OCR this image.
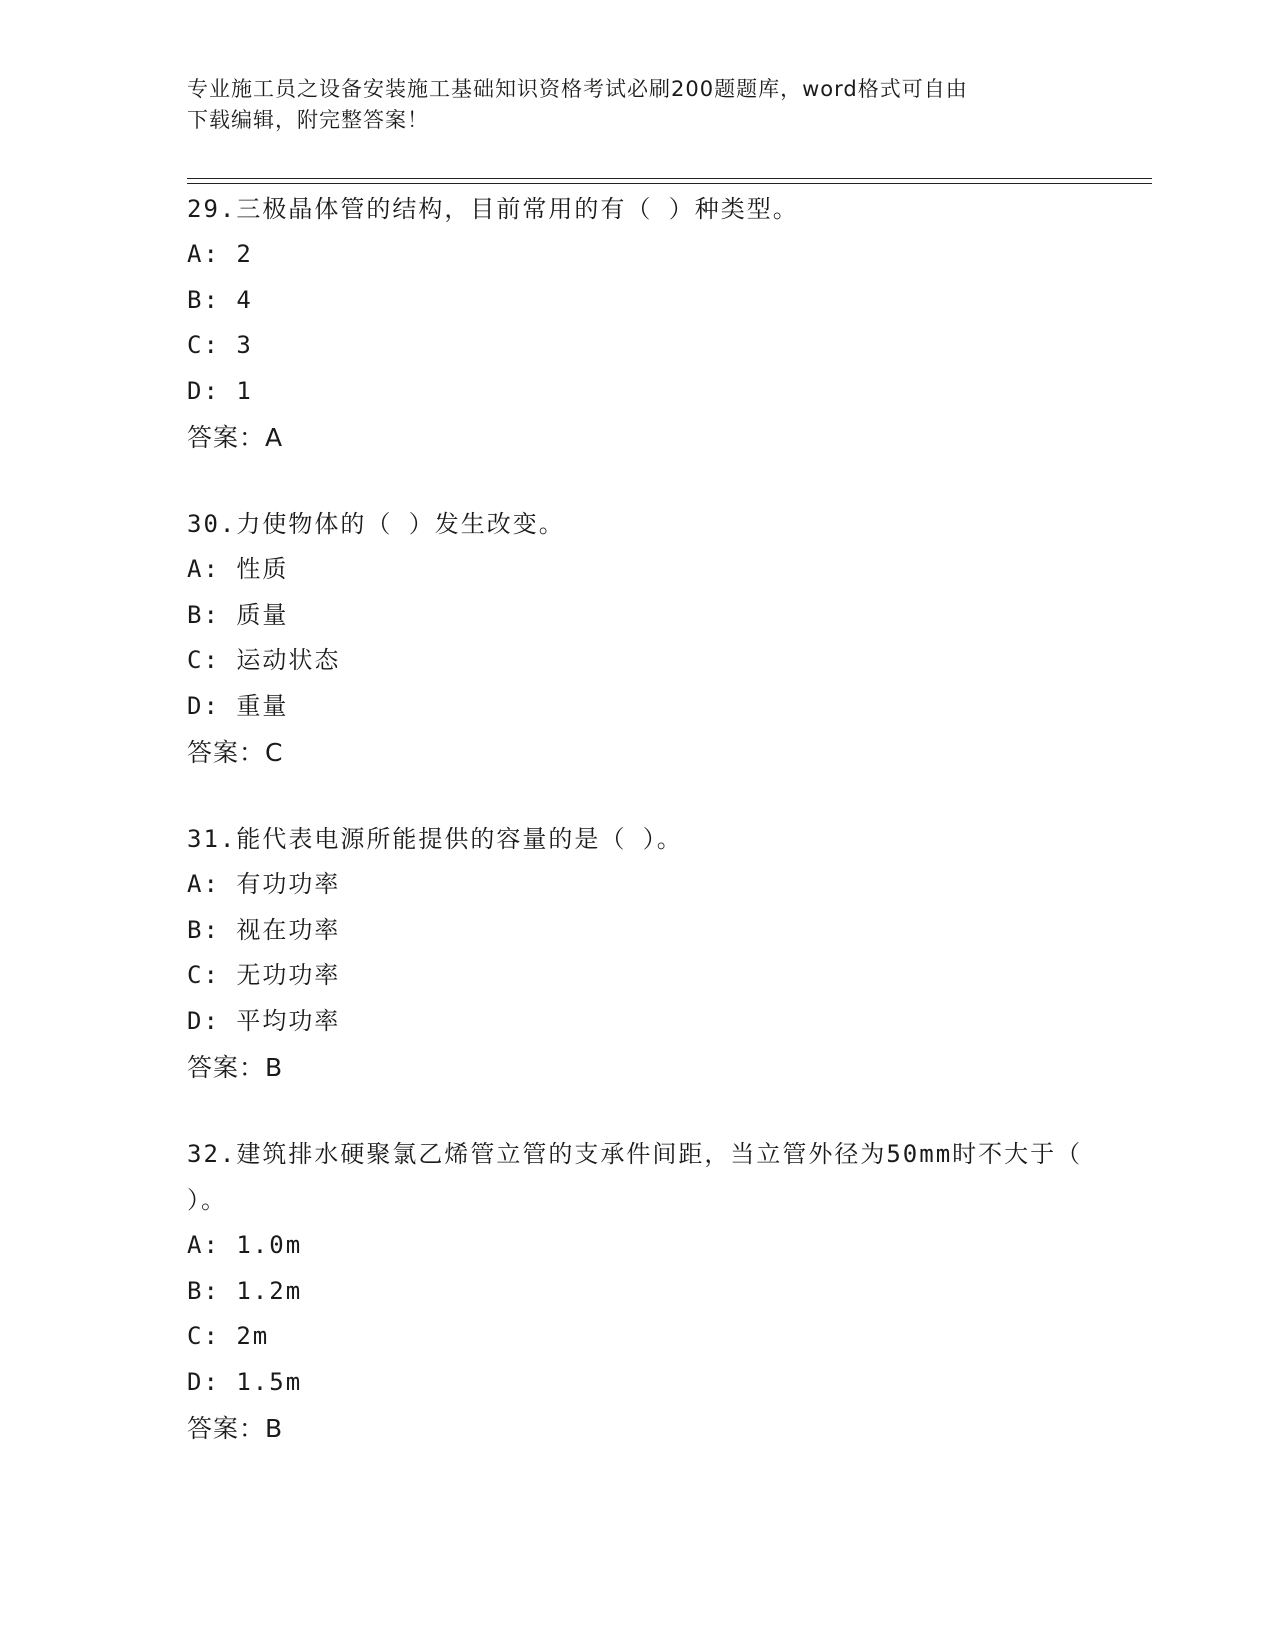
专业施工员之设备安装施工基础知识资格考试必刷200题题库，word格式可自由
下载编辑，附完整答案！
29.三极晶体管的结构，目前常用的有（ ）种类型。
A: 2
B: 4
C: 3
D: 1
答案：A
30.力使物体的（ ）发生改变。
A: 性质
B: 质量
C: 运动状态
D: 重量
答案：C
31.能代表电源所能提供的容量的是（ ）。
A: 有功功率
B: 视在功率
C: 无功功率
D: 平均功率
答案：B
32.建筑排水硬聚氯乙烯管立管的支承件间距，当立管外径为50mm时不大于（ ）。
A: 1.0m
B: 1.2m
C: 2m
D: 1.5m
答案：B
